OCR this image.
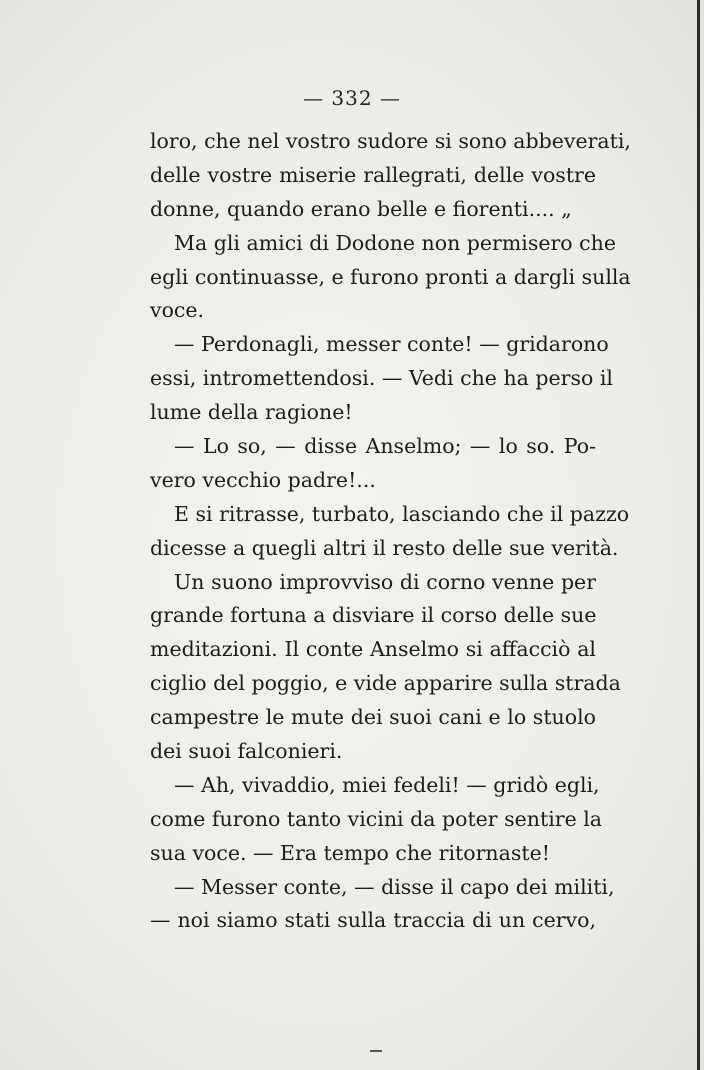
— 332 —
loro, che nel vostro sudore si sono abbeverati,
delle vostre miserie rallegrati, delle vostre
donne, quando erano belle e fiorenti.... „
Ma gli amici di Dodone non permisero che
egli continuasse, e furono pronti a dargli sulla
voce.
— Perdonagli, messer conte! — gridarono
essi, intromettendosi. — Vedi che ha perso il
lume della ragione!
— Lo so, — disse Anselmo; — lo so. Po-
vero vecchio padre!...
E si ritrasse, turbato, lasciando che il pazzo
dicesse a quegli altri il resto delle sue verità.
Un suono improvviso di corno venne per
grande fortuna a disviare il corso delle sue
meditazioni. Il conte Anselmo si affacciò al
ciglio del poggio, e vide apparire sulla strada
campestre le mute dei suoi cani e lo stuolo
dei suoi falconieri.
— Ah, vivaddio, miei fedeli! — gridò egli,
come furono tanto vicini da poter sentire la
sua voce. — Era tempo che ritornaste!
— Messer conte, — disse il capo dei militi,
— noi siamo stati sulla traccia di un cervo,
